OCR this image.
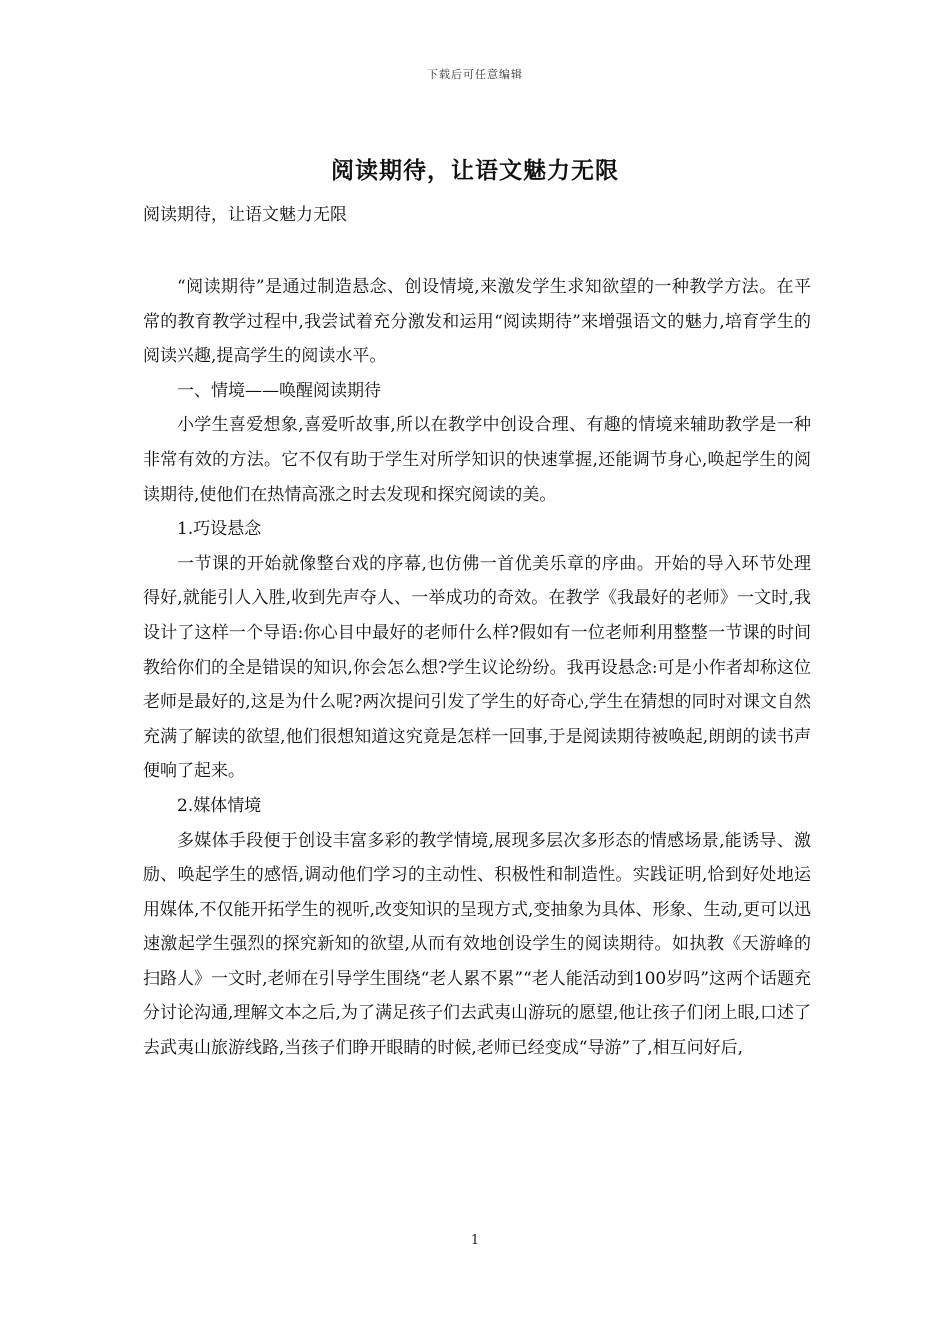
下载后可任意编辑
阅读期待，让语文魅力无限
阅读期待，让语文魅力无限

“阅读期待”是通过制造悬念、创设情境,来激发学生求知欲望的一种教学方法。在平常的教育教学过程中,我尝试着充分激发和运用“阅读期待”来增强语文的魅力,培育学生的阅读兴趣,提高学生的阅读水平。

一、情境——唤醒阅读期待

小学生喜爱想象,喜爱听故事,所以在教学中创设合理、有趣的情境来辅助教学是一种非常有效的方法。它不仅有助于学生对所学知识的快速掌握,还能调节身心,唤起学生的阅读期待,使他们在热情高涨之时去发现和探究阅读的美。

1.巧设悬念

一节课的开始就像整台戏的序幕,也仿佛一首优美乐章的序曲。开始的导入环节处理得好,就能引人入胜,收到先声夺人、一举成功的奇效。在教学《我最好的老师》一文时,我设计了这样一个导语:你心目中最好的老师什么样?假如有一位老师利用整整一节课的时间教给你们的全是错误的知识,你会怎么想?学生议论纷纷。我再设悬念:可是小作者却称这位老师是最好的,这是为什么呢?两次提问引发了学生的好奇心,学生在猜想的同时对课文自然充满了解读的欲望,他们很想知道这究竟是怎样一回事,于是阅读期待被唤起,朗朗的读书声便响了起来。

2.媒体情境

多媒体手段便于创设丰富多彩的教学情境,展现多层次多形态的情感场景,能诱导、激励、唤起学生的感悟,调动他们学习的主动性、积极性和制造性。实践证明,恰到好处地运用媒体,不仅能开拓学生的视听,改变知识的呈现方式,变抽象为具体、形象、生动,更可以迅速激起学生强烈的探究新知的欲望,从而有效地创设学生的阅读期待。如执教《天游峰的扫路人》一文时,老师在引导学生围绕“老人累不累”“老人能活动到100岁吗”这两个话题充分讨论沟通,理解文本之后,为了满足孩子们去武夷山游玩的愿望,他让孩子们闭上眼,口述了去武夷山旅游线路,当孩子们睁开眼睛的时候,老师已经变成“导游”了,相互问好后,

1
